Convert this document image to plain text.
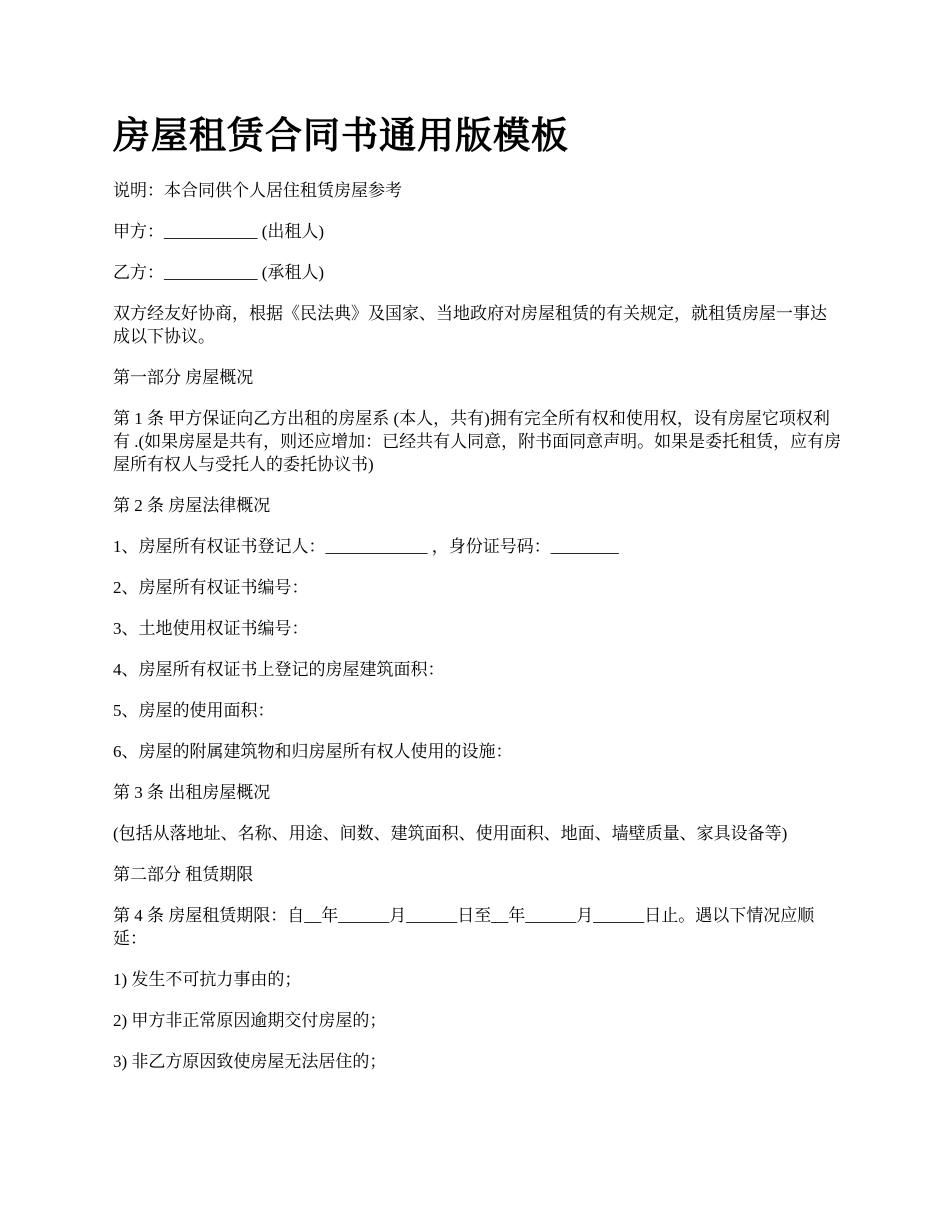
房屋租赁合同书通用版模板

说明：本合同供个人居住租赁房屋参考

甲方：___________ (出租人)

乙方：___________ (承租人)

双方经友好协商，根据《民法典》及国家、当地政府对房屋租赁的有关规定，就租赁房屋一事达成以下协议。

第一部分 房屋概况

第 1 条 甲方保证向乙方出租的房屋系 (本人，共有)拥有完全所有权和使用权，设有房屋它项权利有 .(如果房屋是共有，则还应增加：已经共有人同意，附书面同意声明。如果是委托租赁，应有房屋所有权人与受托人的委托协议书)

第 2 条 房屋法律概况

1、房屋所有权证书登记人：____________ ，身份证号码：________

2、房屋所有权证书编号：

3、土地使用权证书编号：

4、房屋所有权证书上登记的房屋建筑面积：

5、房屋的使用面积：

6、房屋的附属建筑物和归房屋所有权人使用的设施：

第 3 条 出租房屋概况

(包括从落地址、名称、用途、间数、建筑面积、使用面积、地面、墙壁质量、家具设备等)

第二部分 租赁期限

第 4 条 房屋租赁期限：自__年______月______日至__年______月______日止。遇以下情况应顺延：

1) 发生不可抗力事由的；

2) 甲方非正常原因逾期交付房屋的；

3) 非乙方原因致使房屋无法居住的；
